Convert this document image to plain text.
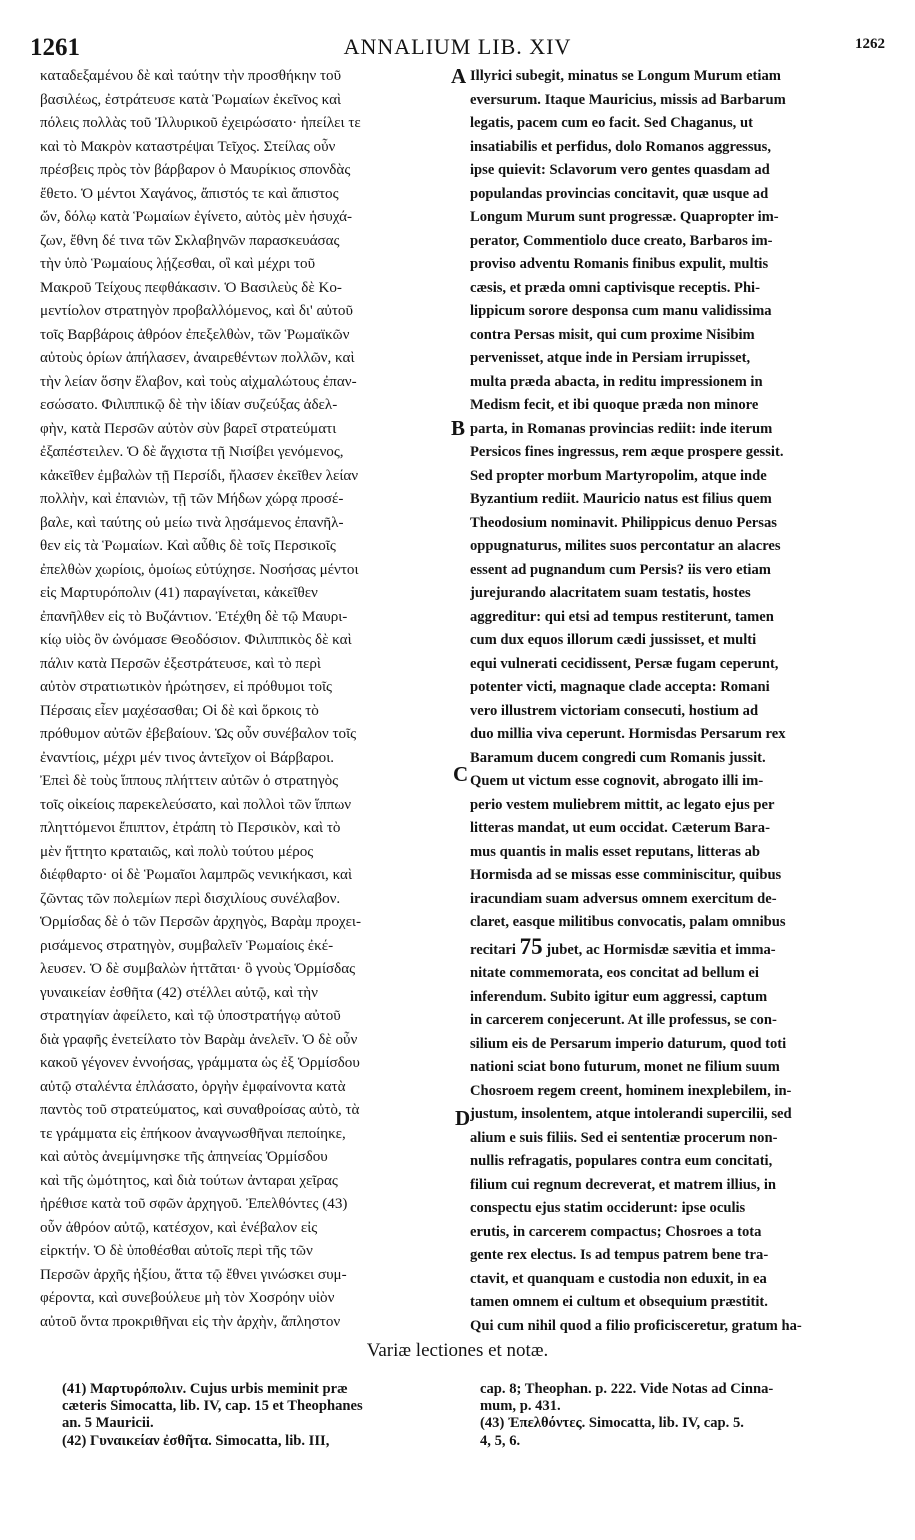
1261	ANNALIUM LIB. XIV	1262
καταδεξαμένου δὲ καὶ ταύτην τὴν προσθήκην τοῦ
βασιλέως, ἐστράτευσε κατὰ Ῥωμαίων ἐκεῖνος καὶ
πόλεις πολλὰς τοῦ Ἰλλυρικοῦ ἐχειρώσατο· ἠπείλει τε
καὶ τὸ Μακρὸν καταστρέψαι Τεῖχος. Στείλας οὖν
πρέσβεις πρὸς τὸν βάρβαρον ὁ Μαυρίκιος σπονδὰς
ἔθετο. Ὁ μέντοι Χαγάνος, ἄπιστός τε καὶ ἄπιστος
ὤν, δόλῳ κατὰ Ῥωμαίων ἐγίνετο, αὐτὸς μὲν ἡσυχά-
ζων, ἔθνη δέ τινα τῶν Σκλαβηνῶν παρασκευάσας
τὴν ὑπὸ Ῥωμαίους λῄζεσθαι, οἳ καὶ μέχρι τοῦ
Μακροῦ Τείχους πεφθάκασιν. Ὁ Βασιλεὺς δὲ Κο-
μεντίολον στρατηγὸν προβαλλόμενος, καὶ δι' αὐτοῦ
τοῖς Βαρβάροις ἀθρόον ἐπεξελθὼν, τῶν Ῥωμαϊκῶν
αὐτοὺς ὁρίων ἀπήλασεν, ἀναιρεθέντων πολλῶν, καὶ
τὴν λείαν ὅσην ἔλαβον, καὶ τοὺς αἰχμαλώτους ἐπαν-
εσώσατο. Φιλιππικῷ δὲ τὴν ἰδίαν συζεύξας ἀδελ-
φὴν, κατὰ Περσῶν αὐτὸν σὺν βαρεῖ στρατεύματι
ἐξαπέστειλεν. Ὁ δὲ ἄγχιστα τῇ Νισίβει γενόμενος,
κἀκεῖθεν ἐμβαλὼν τῇ Περσίδι, ἤλασεν ἐκεῖθεν λείαν
πολλὴν, καὶ ἐπανιὼν, τῇ τῶν Μήδων χώρᾳ προσέ-
βαλε, καὶ ταύτης οὐ μείω τινὰ λῃσάμενος ἐπανῆλ-
θεν εἰς τὰ Ῥωμαίων. Καὶ αὖθις δὲ τοῖς Περσικοῖς
ἐπελθὼν χωρίοις, ὁμοίως εὐτύχησε. Νοσήσας μέντοι
εἰς Μαρτυρόπολιν (41) παραγίνεται, κἀκεῖθεν
ἐπανῆλθεν εἰς τὸ Βυζάντιον. Ἐτέχθη δὲ τῷ Μαυρι-
κίῳ υἱὸς ὃν ὠνόμασε Θεοδόσιον. Φιλιππικὸς δὲ καὶ
πάλιν κατὰ Περσῶν ἐξεστράτευσε, καὶ τὸ περὶ
αὐτὸν στρατιωτικὸν ἠρώτησεν, εἰ πρόθυμοι τοῖς
Πέρσαις εἶεν μαχέσασθαι; Οἱ δὲ καὶ ὅρκοις τὸ
πρόθυμον αὐτῶν ἐβεβαίουν. Ὡς οὖν συνέβαλον τοῖς
ἐναντίοις, μέχρι μέν τινος ἀντεῖχον οἱ Βάρβαροι.
Ἐπεὶ δὲ τοὺς ἵππους πλήττειν αὐτῶν ὁ στρατηγὸς
τοῖς οἰκείοις παρεκελεύσατο, καὶ πολλοὶ τῶν ἵππων
πληττόμενοι ἔπιπτον, ἐτράπη τὸ Περσικὸν, καὶ τὸ
μὲν ἥττητο κραταιῶς, καὶ πολὺ τούτου μέρος
διέφθαρτο· οἱ δὲ Ῥωμαῖοι λαμπρῶς νενικήκασι, καὶ
ζῶντας τῶν πολεμίων περὶ δισχιλίους συνέλαβον.
Ὁρμίσδας δὲ ὁ τῶν Περσῶν ἀρχηγὸς, Βαρὰμ προχει-
ρισάμενος στρατηγὸν, συμβαλεῖν Ῥωμαίοις ἐκέ-
λευσεν. Ὁ δὲ συμβαλὼν ἡττᾶται· ὃ γνοὺς Ὁρμίσδας
γυναικείαν ἐσθῆτα (42) στέλλει αὐτῷ, καὶ τὴν
στρατηγίαν ἀφείλετο, καὶ τῷ ὑποστρατήγῳ αὐτοῦ
διὰ γραφῆς ἐνετείλατο τὸν Βαρὰμ ἀνελεῖν. Ὁ δὲ οὖν
κακοῦ γέγονεν ἐννοήσας, γράμματα ὡς ἐξ Ὁρμίσδου
αὐτῷ σταλέντα ἐπλάσατο, ὀργὴν ἐμφαίνοντα κατὰ
παντὸς τοῦ στρατεύματος, καὶ συναθροίσας αὐτὸ, τὰ
τε γράμματα εἰς ἐπήκοον ἀναγνωσθῆναι πεποίηκε,
καὶ αὐτὸς ἀνεμίμνησκε τῆς ἀπηνείας Ὁρμίσδου
καὶ τῆς ὠμότητος, καὶ διὰ τούτων ἀνταραι χεῖρας
ἠρέθισε κατὰ τοῦ σφῶν ἀρχηγοῦ. Ἐπελθόντες (43)
οὖν ἀθρόον αὐτῷ, κατέσχον, καὶ ἐνέβαλον εἰς
εἱρκτήν. Ὁ δὲ ὑποθέσθαι αὐτοῖς περὶ τῆς τῶν
Περσῶν ἀρχῆς ἠξίου, ἅττα τῷ ἔθνει γινώσκει συμ-
φέροντα, καὶ συνεβούλευε μὴ τὸν Χοσρόην υἱὸν
αὐτοῦ ὄντα προκριθῆναι εἰς τὴν ἀρχὴν, ἄπληστον
Illyrici subegit, minatus se Longum Murum etiam
eversurum. Itaque Mauricius, missis ad Barbarum
legatis, pacem cum eo facit. Sed Chaganus, ut
insatiabilis et perfidus, dolo Romanos aggressus,
ipse quievit: Sclavorum vero gentes quasdam ad
populandas provincias concitavit, quæ usque ad
Longum Murum sunt progressæ. Quapropter im-
perator, Commentiolo duce creato, Barbaros im-
proviso adventu Romanis finibus expulit, multis
cæsis, et præda omni captivisque receptis. Phi-
lippicum sorore desponsa cum manu validissima
contra Persas misit, qui cum proxime Nisibim
pervenisset, atque inde in Persiam irrupisset,
multa præda abacta, in reditu impressionem in
Medism fecit, et ibi quoque præda non minore
parta, in Romanas provincias rediit: inde iterum
Persicos fines ingressus, rem æque prospere gessit.
Sed propter morbum Martyropolim, atque inde
Byzantium rediit. Mauricio natus est filius quem
Theodosium nominavit. Philippicus denuo Persas
oppugnaturus, milites suos percontatur an alacres
essent ad pugnandum cum Persis? iis vero etiam
jurejurando alacritatem suam testatis, hostes
aggreditur: qui etsi ad tempus restiterunt, tamen
cum dux equos illorum cædi jussisset, et multi
equi vulnerati cecidissent, Persæ fugam ceperunt,
potenter victi, magnaque clade accepta: Romani
vero illustrem victoriam consecuti, hostium ad
duo millia viva ceperunt. Hormisdas Persarum rex
Baramum ducem congredi cum Romanis jussit.
Quem ut victum esse cognovit, abrogato illi im-
perio vestem muliebrem mittit, ac legato ejus per
litteras mandat, ut eum occidat. Cæterum Bara-
mus quantis in malis esset reputans, litteras ab
Hormisda ad se missas esse comminiscitur, quibus
iracundiam suam adversus omnem exercitum de-
claret, easque militibus convocatis, palam omnibus
recitari 75 jubet, ac Hormisdæ sævitia et imma-
nitate commemorata, eos concitat ad bellum ei
inferendum. Subito igitur eum aggressi, captum
in carcerem conjecerunt. At ille professus, se con-
silium eis de Persarum imperio daturum, quod toti
nationi sciat bono futurum, monet ne filium suum
Chosroem regem creent, hominem inexplebilem, in-
justum, insolentem, atque intolerandi supercilii, sed
alium e suis filiis. Sed ei sententiæ procerum non-
nullis refragatis, populares contra eum concitati,
filium cui regnum decreverat, et matrem illius, in
conspectu ejus statim occiderunt: ipse oculis
erutis, in carcerem compactus; Chosroes a tota
gente rex electus. Is ad tempus patrem bene tra-
ctavit, et quanquam e custodia non eduxit, in ea
tamen omnem ei cultum et obsequium præstitit.
Qui cum nihil quod a filio proficisceretur, gratum ha-
A
B
C
D
Variæ lectiones et notæ.
(41) Μαρτυρόπολιν. Cujus urbis meminit præ
cæteris Simocatta, lib. IV, cap. 15 et Theophanes
an. 5 Mauricii.
(42) Γυναικείαν ἐσθῆτα. Simocatta, lib. III,
cap. 8; Theophan. p. 222. Vide Notas ad Cinna-
mum, p. 431.
(43) Ἐπελθόντες. Simocatta, lib. IV, cap. 5.
4, 5, 6.
